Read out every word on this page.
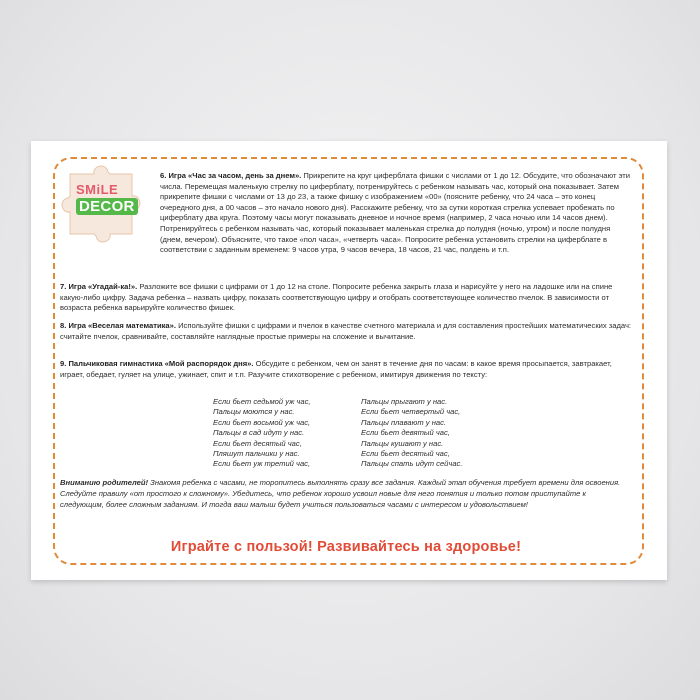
SMiLE
DECOR
6. Игра «Час за часом, день за днем». Прикрепите на круг циферблата фишки с числами от 1 до 12. Обсудите, что обозначают эти числа. Перемещая маленькую стрелку по циферблату, потренируйтесь с ребенком называть час, который она показывает. Затем прикрепите фишки с числами от 13 до 23, а также фишку с изображением «00» (поясните ребенку, что 24 часа – это конец очередного дня, а 00 часов – это начало нового дня). Расскажите ребенку, что за сутки короткая стрелка успевает пробежать по циферблату два круга. Поэтому часы могут показывать дневное и ночное время (например, 2 часа ночью или 14 часов днем). Потренируйтесь с ребенком называть час, который показывает маленькая стрелка до полудня (ночью, утром) и после полудня (днем, вечером). Объясните, что такое «пол часа», «четверть часа». Попросите ребенка установить стрелки на циферблате в соответствии с заданным временем: 9 часов утра, 9 часов вечера, 18 часов, 21 час, полдень и т.п.
7. Игра «Угадай-ка!». Разложите все фишки с цифрами от 1 до 12 на столе. Попросите ребенка закрыть глаза и нарисуйте у него на ладошке или на спине какую-либо цифру. Задача ребенка – назвать цифру, показать соответствующую цифру и отобрать соответствующее количество пчелок. В зависимости от возраста ребенка варьируйте количество фишек.
8. Игра «Веселая математика». Используйте фишки с цифрами и пчелок в качестве счетного материала и для составления простейших математических задач: считайте пчелок, сравнивайте, составляйте наглядные простые примеры на сложение и вычитание.
9. Пальчиковая гимнастика «Мой распорядок дня». Обсудите с ребенком, чем он занят в течение дня по часам: в какое время просыпается, завтракает, играет, обедает, гуляет на улице, ужинает, спит и т.п. Разучите стихотворение с ребенком, имитируя движения по тексту:
Если бьет седьмой уж час,
Пальцы моются у нас.
Если бьет восьмой уж час,
Пальцы в сад идут у нас.
Если бьет десятый час,
Пляшут пальчики у нас.
Если бьет уж третий час,
Пальцы прыгают у нас.
Если бьет четвертый час,
Пальцы плавают у нас.
Если бьет девятый час,
Пальцы кушают у нас.
Если бьет десятый час,
Пальцы спать идут сейчас.
Вниманию родителей! Знакомя ребенка с часами, не торопитесь выполнять сразу все задания. Каждый этап обучения требует времени для освоения. Следуйте правилу «от простого к сложному». Убедитесь, что ребенок хорошо усвоил новые для него понятия и только потом приступайте к следующим, более сложным заданиям. И тогда ваш малыш будет учиться пользоваться часами с интересом и удовольствием!
Играйте с пользой! Развивайтесь на здоровье!
